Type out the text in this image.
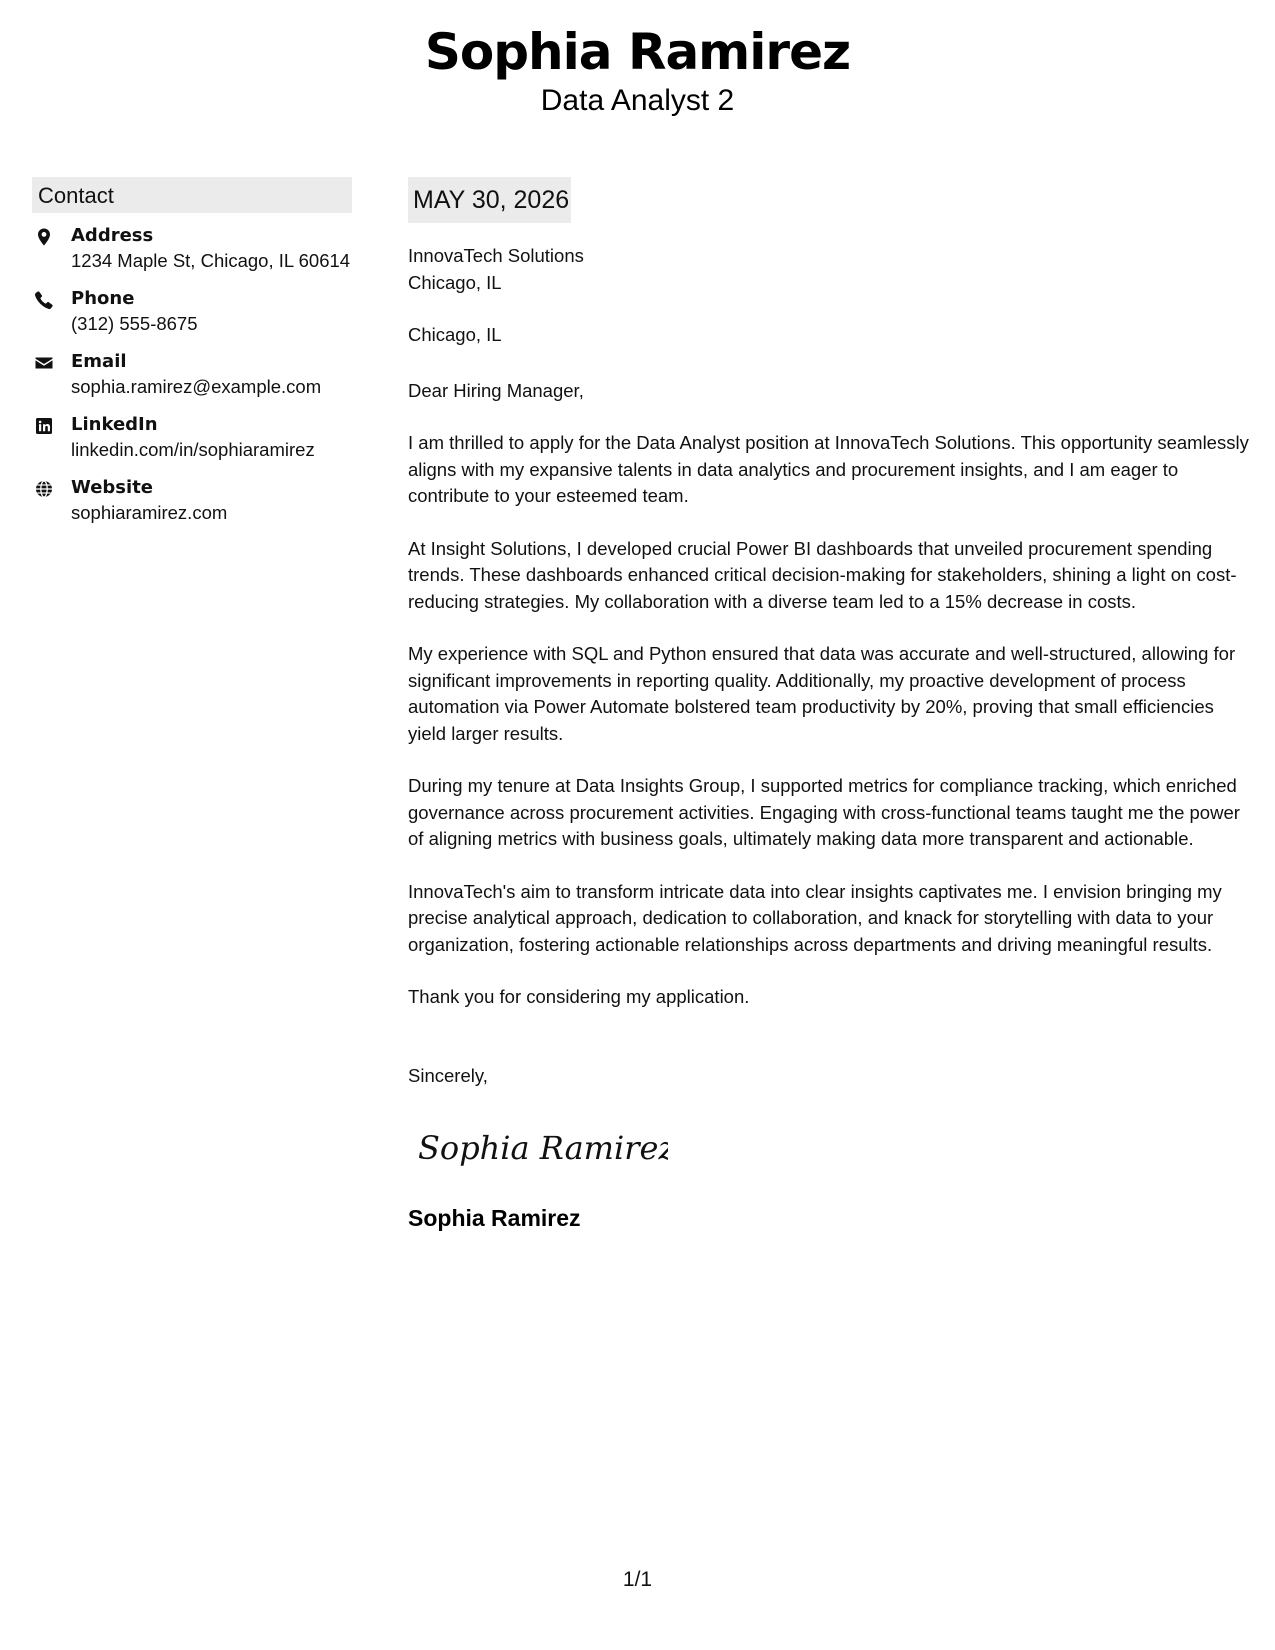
Sophia Ramirez
Data Analyst 2
Contact
Address
1234 Maple St, Chicago, IL 60614
Phone
(312) 555-8675
Email
sophia.ramirez@example.com
LinkedIn
linkedin.com/in/sophiaramirez
Website
sophiaramirez.com
MAY 30, 2026
InnovaTech Solutions
Chicago, IL
Chicago, IL
Dear Hiring Manager,
I am thrilled to apply for the Data Analyst position at InnovaTech Solutions. This opportunity seamlessly aligns with my expansive talents in data analytics and procurement insights, and I am eager to contribute to your esteemed team.
At Insight Solutions, I developed crucial Power BI dashboards that unveiled procurement spending trends. These dashboards enhanced critical decision-making for stakeholders, shining a light on cost-reducing strategies. My collaboration with a diverse team led to a 15% decrease in costs.
My experience with SQL and Python ensured that data was accurate and well-structured, allowing for significant improvements in reporting quality. Additionally, my proactive development of process automation via Power Automate bolstered team productivity by 20%, proving that small efficiencies yield larger results.
During my tenure at Data Insights Group, I supported metrics for compliance tracking, which enriched governance across procurement activities. Engaging with cross-functional teams taught me the power of aligning metrics with business goals, ultimately making data more transparent and actionable.
InnovaTech's aim to transform intricate data into clear insights captivates me. I envision bringing my precise analytical approach, dedication to collaboration, and knack for storytelling with data to your organization, fostering actionable relationships across departments and driving meaningful results.
Thank you for considering my application.
Sincerely,
Sophia Ramirez
Sophia Ramirez
1/1
